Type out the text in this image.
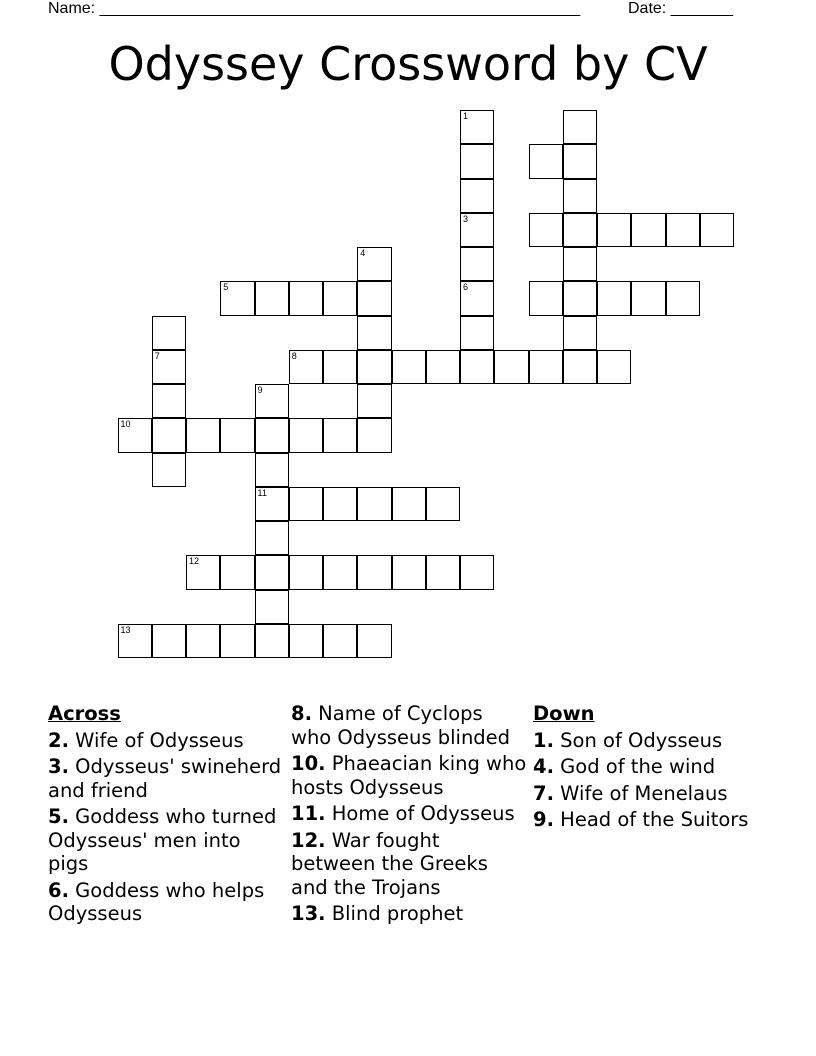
Name: ______________________________________________________	Date: _______
Odyssey Crossword by CV
1
3
6
4
5
7	8
9
11
10
12
13
Across
2. Wife of Odysseus
3. Odysseus' swineherd and friend
5. Goddess who turned Odysseus' men into pigs
6. Goddess who helps Odysseus
8. Name of Cyclops who Odysseus blinded
10. Phaeacian king who hosts Odysseus
11. Home of Odysseus
12. War fought between the Greeks and the Trojans
13. Blind prophet
Down
1. Son of Odysseus
4. God of the wind
7. Wife of Menelaus
9. Head of the Suitors
